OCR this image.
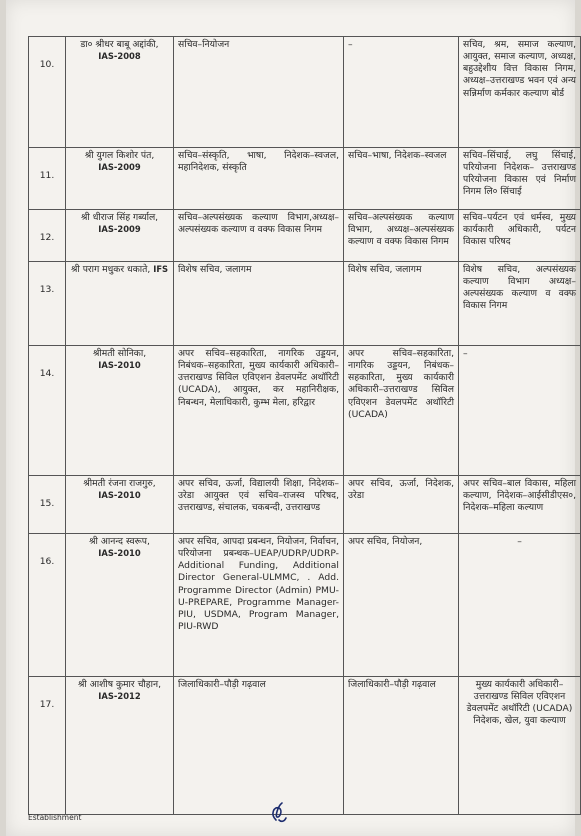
10.	डा० श्रीधर बाबू अद्दांकी, IAS-2008	सचिव–नियोजन	–	सचिव, श्रम, समाज कल्याण, आयुक्त, समाज कल्याण, अध्यक्ष, बहुउद्देशीय वित्त विकास निगम, अध्यक्ष–उत्तराखण्ड भवन एवं अन्य सन्निर्माण कर्मकार कल्याण बोर्ड
11.	श्री युगल किशोर पंत,
IAS-2009	सचिव–संस्कृति, भाषा, निदेशक–स्वजल, महानिदेशक, संस्कृति	सचिव–भाषा, निदेशक–स्वजल	सचिव–सिंचाई, लघु सिंचाई, परियोजना निदेशक– उत्तराखण्ड परियोजना विकास एवं निर्माण निगम लि० सिंचाई
12.	श्री धीराज सिंह गर्ब्याल,
IAS-2009	सचिव–अल्पसंख्यक कल्याण विभाग,अध्यक्ष–अल्पसंख्यक कल्याण व वक्फ विकास निगम	सचिव–अल्पसंख्यक कल्याण विभाग, अध्यक्ष–अल्पसंख्यक कल्याण व वक्फ विकास निगम	सचिव–पर्यटन एवं धर्मस्व, मुख्य कार्यकारी अधिकारी, पर्यटन विकास परिषद
13.	श्री पराग मधुकर धकाते, IFS	विशेष सचिव, जलागम	विशेष सचिव, जलागम	विशेष सचिव, अल्पसंख्यक कल्याण विभाग अध्यक्ष–अल्पसंख्यक कल्याण व वक्फ विकास निगम
14.	श्रीमती सोनिका,
IAS-2010	अपर सचिव–सहकारिता, नागरिक उड्डयन, निबंधक–सहकारिता, मुख्य कार्यकारी अधिकारी– उत्तराखण्ड सिविल एविएशन डेवलपमेंट अथॉरिटी (UCADA), आयुक्त, कर महानिरीक्षक, निबन्धन, मेलाधिकारी, कुम्भ मेला, हरिद्वार	अपर सचिव–सहकारिता, नागरिक उड्डयन, निबंधक–सहकारिता, मुख्य कार्यकारी अधिकारी–उत्तराखण्ड सिविल एविएशन डेवलपमेंट अथॉरिटी (UCADA)	–
15.	श्रीमती रंजना राजगुरु,
IAS-2010	अपर सचिव, ऊर्जा, विद्यालयी शिक्षा, निदेशक–उरेडा आयुक्त एवं सचिव–राजस्व परिषद, उत्तराखण्ड, संचालक, चकबन्दी, उत्तराखण्ड	अपर सचिव, ऊर्जा, निदेशक, उरेडा	अपर सचिव–बाल विकास, महिला कल्याण, निदेशक–आईसीडीएस०, निदेशक–महिला कल्याण
16.	श्री आनन्द स्वरूप,
IAS-2010	अपर सचिव, आपदा प्रबन्धन, नियोजन, निर्वाचन, परियोजना प्रबन्धक–UEAP/UDRP/UDRP-Additional Funding, Additional Director General-ULMMC, . Add. Programme Director (Admin) PMU-U-PREPARE, Programme Manager-PIU, USDMA, Program Manager, PIU-RWD	अपर सचिव, नियोजन,	–
17.	श्री आशीष कुमार चौहान, IAS-2012	जिलाधिकारी–पौड़ी गढ़वाल	जिलाधिकारी–पौड़ी गढ़वाल	मुख्य कार्यकारी अधिकारी–उत्तराखण्ड सिविल एविएशन डेवलपमेंट अथॉरिटी (UCADA) निदेशक, खेल, युवा कल्याण
Establishment
